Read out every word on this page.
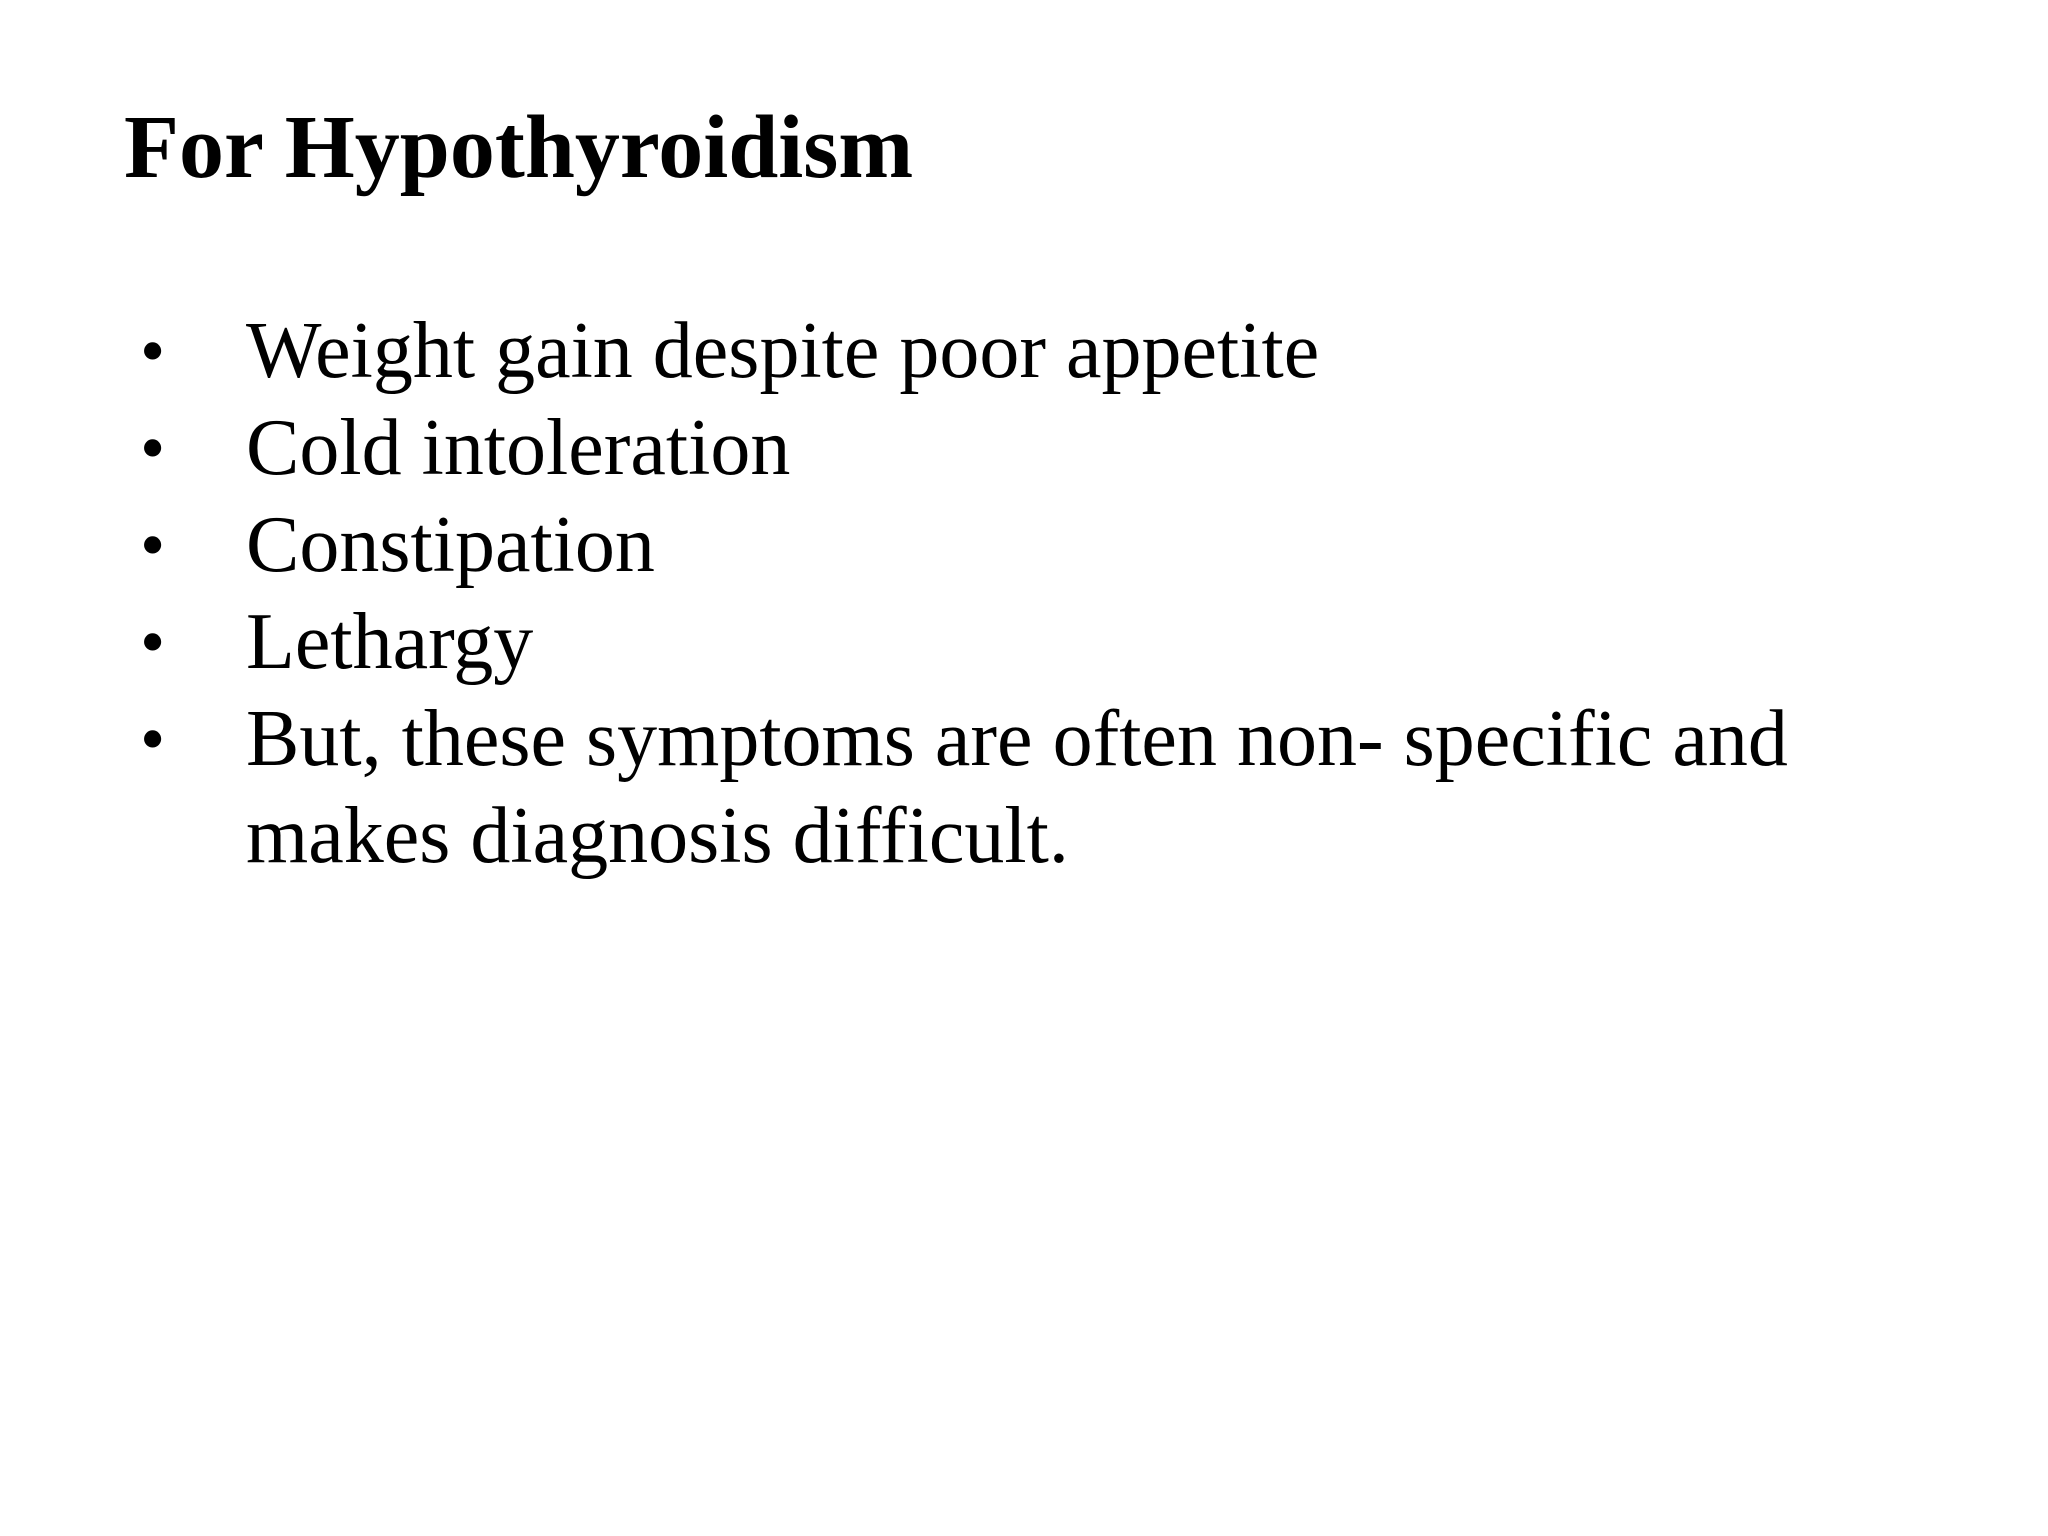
For Hypothyroidism
•	Weight gain despite poor appetite
•	Cold intoleration
•	Constipation
•	Lethargy
•	But, these symptoms are often non- specific and makes diagnosis difficult.
